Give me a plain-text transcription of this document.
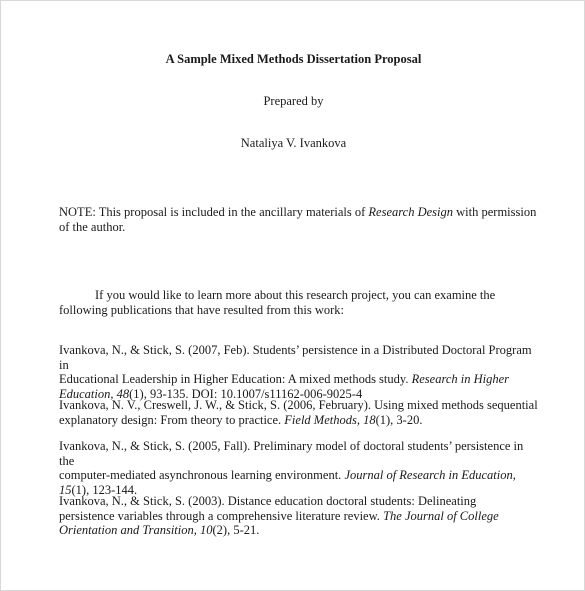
A Sample Mixed Methods Dissertation Proposal
Prepared by
Nataliya V. Ivankova
NOTE: This proposal is included in the ancillary materials of Research Design with permission of the author.
If you would like to learn more about this research project, you can examine the following publications that have resulted from this work:
Ivankova, N., & Stick, S. (2007, Feb). Students’ persistence in a Distributed Doctoral Program in
Educational Leadership in Higher Education: A mixed methods study. Research in Higher
Education, 48(1), 93-135. DOI: 10.1007/s11162-006-9025-4
Ivankova, N. V., Creswell, J. W., & Stick, S. (2006, February). Using mixed methods sequential
explanatory design: From theory to practice. Field Methods, 18(1), 3-20.
Ivankova, N., & Stick, S. (2005, Fall). Preliminary model of doctoral students’ persistence in the
computer-mediated asynchronous learning environment. Journal of Research in Education,
15(1), 123-144.
Ivankova, N., & Stick, S. (2003). Distance education doctoral students: Delineating
persistence variables through a comprehensive literature review. The Journal of College
Orientation and Transition, 10(2), 5-21.
